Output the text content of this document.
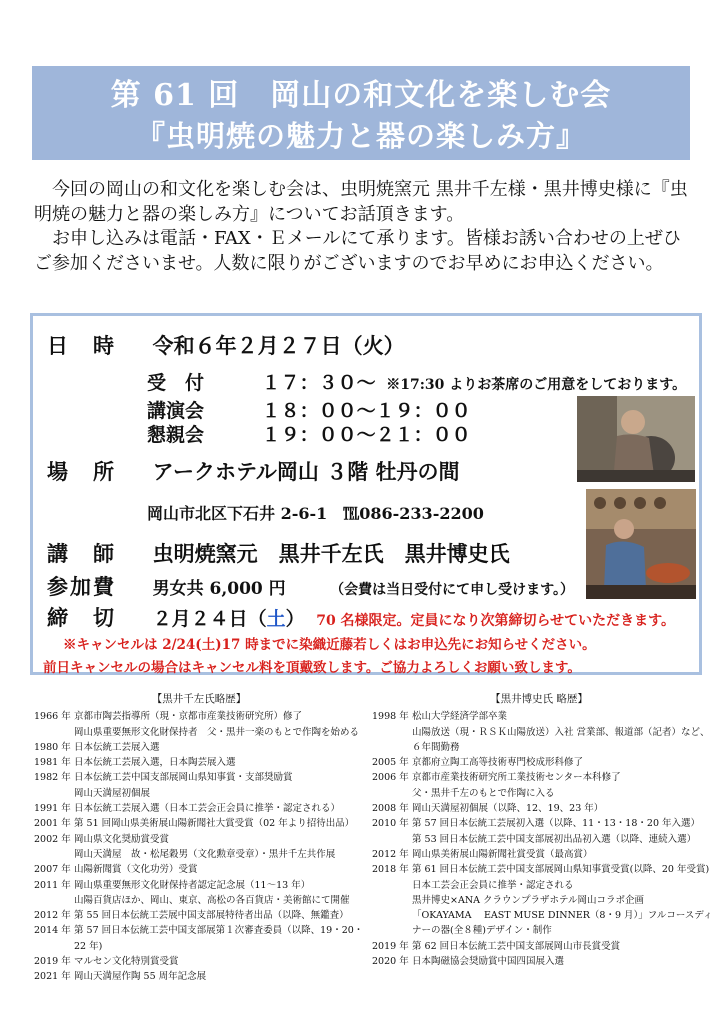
第 61 回　岡山の和文化を楽しむ会
『虫明焼の魅力と器の楽しみ方』

今回の岡山の和文化を楽しむ会は、虫明焼窯元 黒井千左様・黒井博史様に『虫明焼の魅力と器の楽しみ方』についてお話頂きます。

お申し込みは電話・FAX・Ｅメールにて承ります。皆様お誘い合わせの上ぜひご参加くださいませ。人数に限りがございますのでお早めにお申込ください。

日　時 令和６年２月２７日（火）
受　付	１７：３０～ ※17:30 よりお茶席のご用意をしております。
講演会	１８：００～１９：００
懇親会	１９：００～２１：００
場　所 アークホテル岡山 ３階 牡丹の間
岡山市北区下石井 2-6-1　℡086-233-2200
講　師 虫明焼窯元　黒井千左氏　黒井博史氏
参加費 男女共 6,000 円	（会費は当日受付にて申し受けます。）
締　切 ２月２４日（土） 70 名様限定。定員になり次第締切らせていただきます。
※キャンセルは 2/24(土)17 時までに染織近藤若しくはお申込先にお知らせください。
前日キャンセルの場合はキャンセル料を頂戴致します。ご協力よろしくお願い致します。
【黒井千左氏略歴】
1966 年 京都市陶芸指導所（現・京都市産業技術研究所）修了
岡山県重要無形文化財保持者　父・黒井一楽のもとで作陶を始める
1980 年 日本伝統工芸展入選
1981 年 日本伝統工芸展入選，日本陶芸展入選
1982 年 日本伝統工芸中国支部展岡山県知事賞・支部奨励賞
岡山天満屋初個展
1991 年 日本伝統工芸展入選（日本工芸会正会員に推挙・認定される）
2001 年 第 51 回岡山県美術展山陽新聞社大賞受賞（02 年より招待出品）
2002 年 岡山県文化奨励賞受賞
岡山天満屋　故・松尾穀男（文化勲章受章）・黒井千左共作展
2007 年 山陽新聞賞（文化功労）受賞
2011 年 岡山県重要無形文化財保持者認定記念展（11～13 年）
山陽百貨店ほか、岡山、東京、高松の各百貨店・美術館にて開催
2012 年 第 55 回日本伝統工芸展中国支部展特待者出品（以降、無鑑査）
2014 年 第 57 回日本伝統工芸中国支部展第１次審査委員（以降、19・20・
22 年)
2019 年 マルセン文化特別賞受賞
2021 年 岡山天満屋作陶 55 周年記念展
【黒井博史氏 略歴】
1998 年 松山大学経済学部卒業
山陽放送（現・ＲＳＫ山陽放送）入社 営業部、報道部（記者）など、
６年間勤務
2005 年 京都府立陶工高等技術専門校成形科修了
2006 年 京都市産業技術研究所工業技術センター本科修了
父・黒井千左のもとで作陶に入る
2008 年 岡山天満屋初個展（以降、12、19、23 年）
2010 年 第 57 回日本伝統工芸展初入選（以降、11・13・18・20 年入選）
第 53 回日本伝統工芸中国支部展初出品初入選（以降、連続入選）
2012 年 岡山県美術展山陽新聞社賞受賞（最高賞）
2018 年 第 61 回日本伝統工芸中国支部展岡山県知事賞受賞(以降、20 年受賞)
日本工芸会正会員に推挙・認定される
黒井博史×ANA クラウンプラザホテル岡山コラボ企画
「OKAYAMA　 EAST MUSE DINNER（8・9 月）」フルコースディ
ナーの器(全８種)デザイン・制作
2019 年 第 62 回日本伝統工芸中国支部展岡山市長賞受賞
2020 年 日本陶磁協会奨励賞中国四国展入選
